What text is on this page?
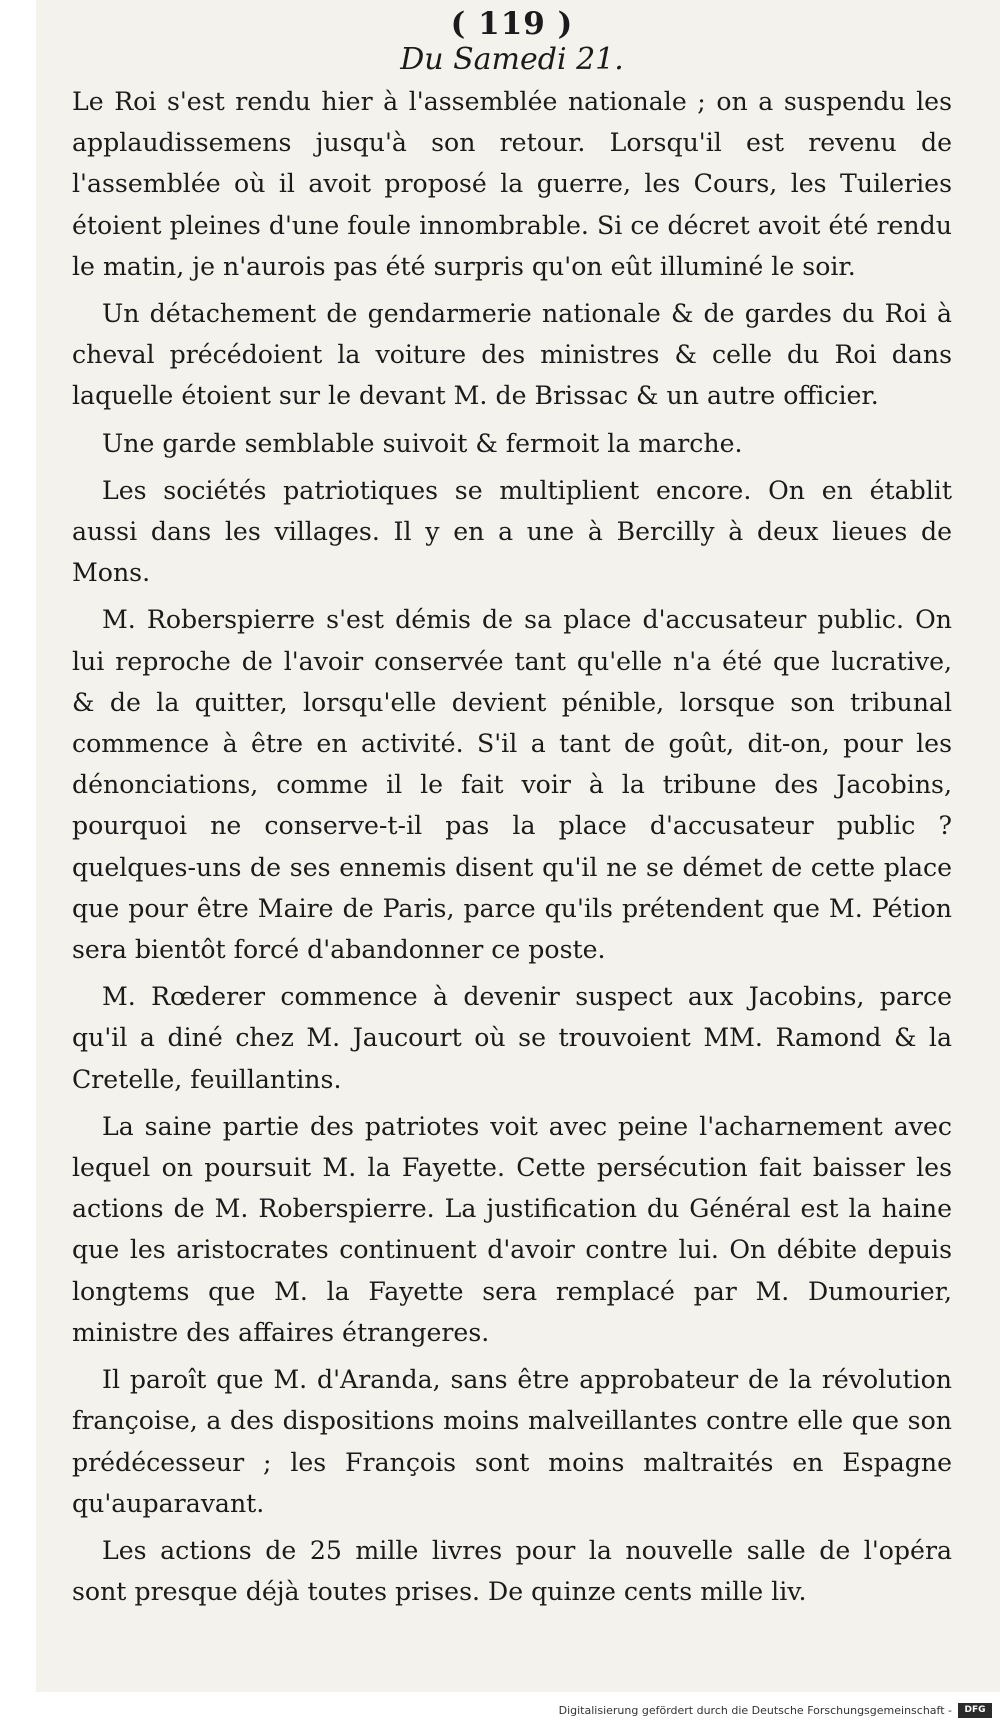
( 119 )
Du Samedi 21.

Le Roi s'est rendu hier à l'assemblée nationale ; on a suspendu les applaudissemens jusqu'à son retour. Lorsqu'il est revenu de l'assemblée où il avoit proposé la guerre, les Cours, les Tuileries étoient pleines d'une foule innombrable. Si ce décret avoit été rendu le matin, je n'aurois pas été surpris qu'on eût illuminé le soir.

Un détachement de gendarmerie nationale & de gardes du Roi à cheval précédoient la voiture des ministres & celle du Roi dans laquelle étoient sur le devant M. de Brissac & un autre officier.

Une garde semblable suivoit & fermoit la marche.

Les sociétés patriotiques se multiplient encore. On en établit aussi dans les villages. Il y en a une à Bercilly à deux lieues de Mons.

M. Roberspierre s'est démis de sa place d'accusateur public. On lui reproche de l'avoir conservée tant qu'elle n'a été que lucrative, & de la quitter, lorsqu'elle devient pénible, lorsque son tribunal commence à être en activité. S'il a tant de goût, dit-on, pour les dénonciations, comme il le fait voir à la tribune des Jacobins, pourquoi ne conserve-t-il pas la place d'accusateur public ? quelques-uns de ses ennemis disent qu'il ne se démet de cette place que pour être Maire de Paris, parce qu'ils prétendent que M. Pétion sera bientôt forcé d'abandonner ce poste.

M. Rœderer commence à devenir suspect aux Jacobins, parce qu'il a diné chez M. Jaucourt où se trouvoient MM. Ramond & la Cretelle, feuillantins.

La saine partie des patriotes voit avec peine l'acharnement avec lequel on poursuit M. la Fayette. Cette persécution fait baisser les actions de M. Roberspierre. La justification du Général est la haine que les aristocrates continuent d'avoir contre lui. On débite depuis longtems que M. la Fayette sera remplacé par M. Dumourier, ministre des affaires étrangeres.

Il paroît que M. d'Aranda, sans être approbateur de la révolution françoise, a des dispositions moins malveillantes contre elle que son prédécesseur ; les François sont moins maltraités en Espagne qu'auparavant.

Les actions de 25 mille livres pour la nouvelle salle de l'opéra sont presque déjà toutes prises. De quinze cents mille liv.

Digitalisierung gefördert durch die Deutsche Forschungsgemeinschaft -	DFG
